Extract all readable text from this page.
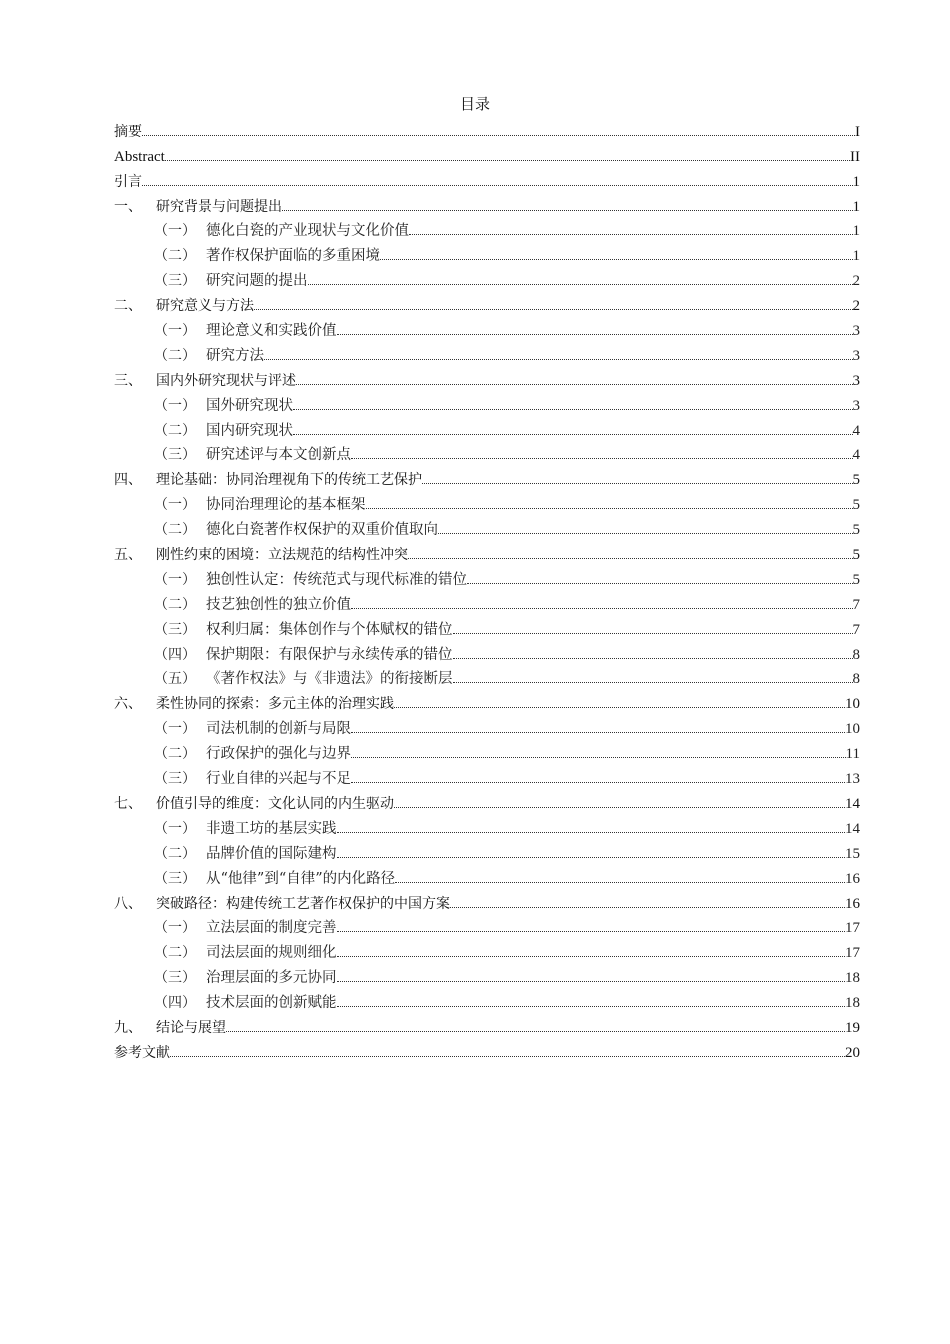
目录
摘要	I
Abstract	II
引言	1
一、	研究背景与问题提出	1
（一） 德化白瓷的产业现状与文化价值	1
（二） 著作权保护面临的多重困境	1
（三） 研究问题的提出	2
二、	研究意义与方法	2
（一） 理论意义和实践价值	3
（二） 研究方法	3
三、	国内外研究现状与评述	3
（一） 国外研究现状	3
（二） 国内研究现状	4
（三） 研究述评与本文创新点	4
四、	理论基础：协同治理视角下的传统工艺保护	5
（一） 协同治理理论的基本框架	5
（二） 德化白瓷著作权保护的双重价值取向	5
五、	刚性约束的困境：立法规范的结构性冲突	5
（一） 独创性认定：传统范式与现代标准的错位	5
（二） 技艺独创性的独立价值	7
（三） 权利归属：集体创作与个体赋权的错位	7
（四） 保护期限：有限保护与永续传承的错位	8
（五） 《著作权法》与《非遗法》的衔接断层	8
六、	柔性协同的探索：多元主体的治理实践	10
（一） 司法机制的创新与局限	10
（二） 行政保护的强化与边界	11
（三） 行业自律的兴起与不足	13
七、	价值引导的维度：文化认同的内生驱动	14
（一） 非遗工坊的基层实践	14
（二） 品牌价值的国际建构	15
（三） 从“他律”到“自律”的内化路径	16
八、	突破路径：构建传统工艺著作权保护的中国方案	16
（一） 立法层面的制度完善	17
（二） 司法层面的规则细化	17
（三） 治理层面的多元协同	18
（四） 技术层面的创新赋能	18
九、	结论与展望	19
参考文献	20
